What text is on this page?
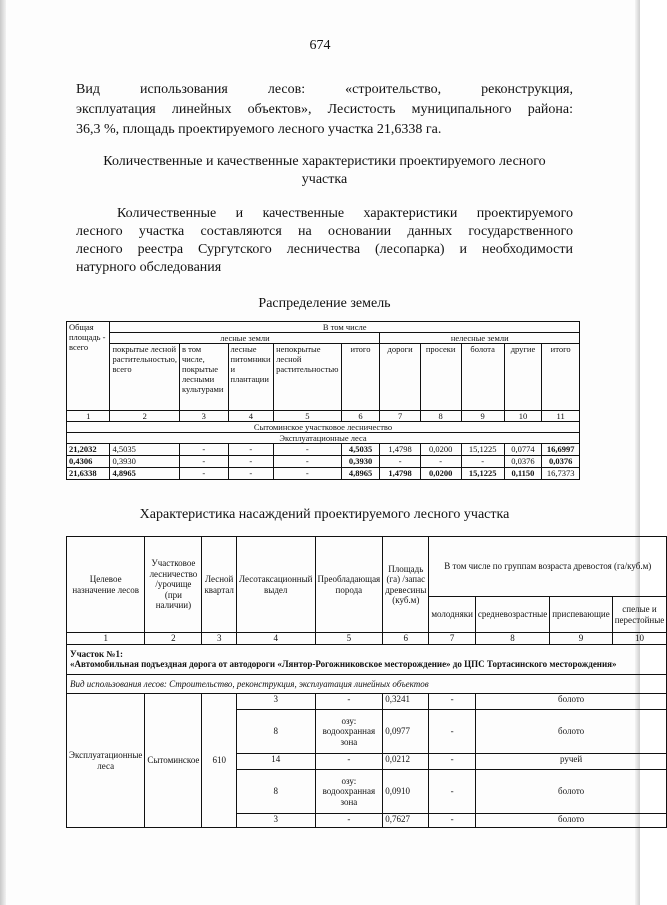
674
Вид использования лесов: «строительство, реконструкция,
эксплуатация линейных объектов», Лесистость муниципального района:
36,3 %, площадь проектируемого лесного участка 21,6338 га.
Количественные и качественные характеристики проектируемого лесного
участка
Количественные и качественные характеристики проектируемого
лесного участка составляются на основании данных государственного
лесного реестра Сургутского лесничества (лесопарка) и необходимости
натурного обследования
Распределение земель
Общая площадь - всего	В том числе									
	лесные земли					нелесные земли				
	покрытые лесной растительностью, всего	в том числе, покрытые лесными культурами	лесные питомники и плантации	непокрытые лесной растительностью	итого	дороги	просеки	болота	другие	итого
1	2	3	4	5	6	7	8	9	10	11
Сытоминское участковое лесничество										
Эксплуатационные леса										
21,2032	4,5035	-	-	-	4,5035	1,4798	0,0200	15,1225	0,0774	16,6997
0,4306	0,3930	-	-	-	0,3930	-	-	-	0,0376	0,0376
21,6338	4,8965	-	-	-	4,8965	1,4798	0,0200	15,1225	0,1150	16,7373
Характеристика насаждений проектируемого лесного участка
Целевое назначение лесов	Участковое лесничество /урочище (при наличии)	Лесной квартал	Лесотаксационный выдел	Преобладающая порода	Площадь (га) /запас древесины (куб.м)	В том числе по группам возраста древостоя (га/куб.м)			
						молодняки	средневозрастные	приспевающие	спелые и перестойные
1	2	3	4	5	6	7	8	9	10

Участок №1:
«Автомобильная подъездная дорога от автодороги «Лянтор-Рогожниковское месторождение» до ЦПС Тортасинского месторождения»									

Вид использования лесов: Строительство, реконструкция, эксплуатация линейных объектов									
Эксплуатационные леса	Сытоминское	610	3	-	0,3241	-	болото		
			8	озу: водоохранная зона	0,0977	-	болото		
			14	-	0,0212	-	ручей		
			8	озу: водоохранная зона	0,0910	-	болото		
			3	-	0,7627	-	болото		
